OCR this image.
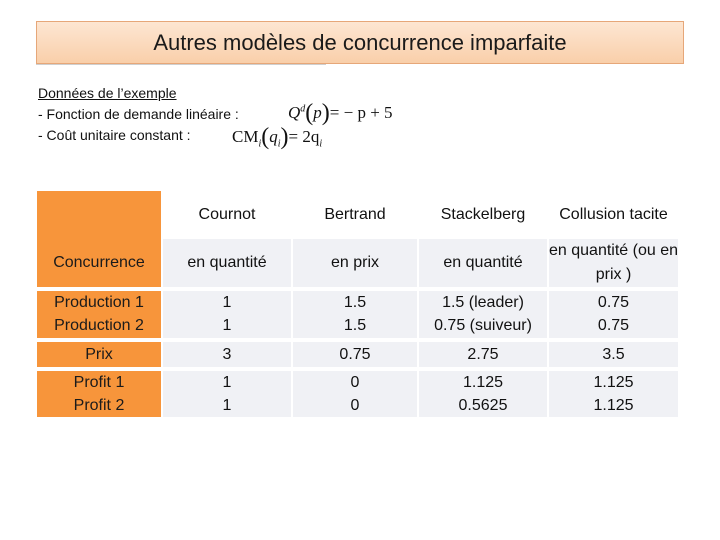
Autres modèles de concurrence imparfaite
Données de l’exemple
- Fonction de demande linéaire :
- Coût unitaire constant :
$Q^d(p)= - p + 5$
$CM_i(q_i)= 2q_i$
	Cournot	Bertrand	Stackelberg	Collusion tacite
Concurrence	en quantité	en prix	en quantité	en quantité (ou en prix )

Production 1	1	1.5	1.5 (leader)	0.75
Production 2	1	1.5	0.75 (suiveur)	0.75

Prix	3	0.75	2.75	3.5

Profit 1	1	0	1.125	1.125
Profit 2	1	0	0.5625	1.125
